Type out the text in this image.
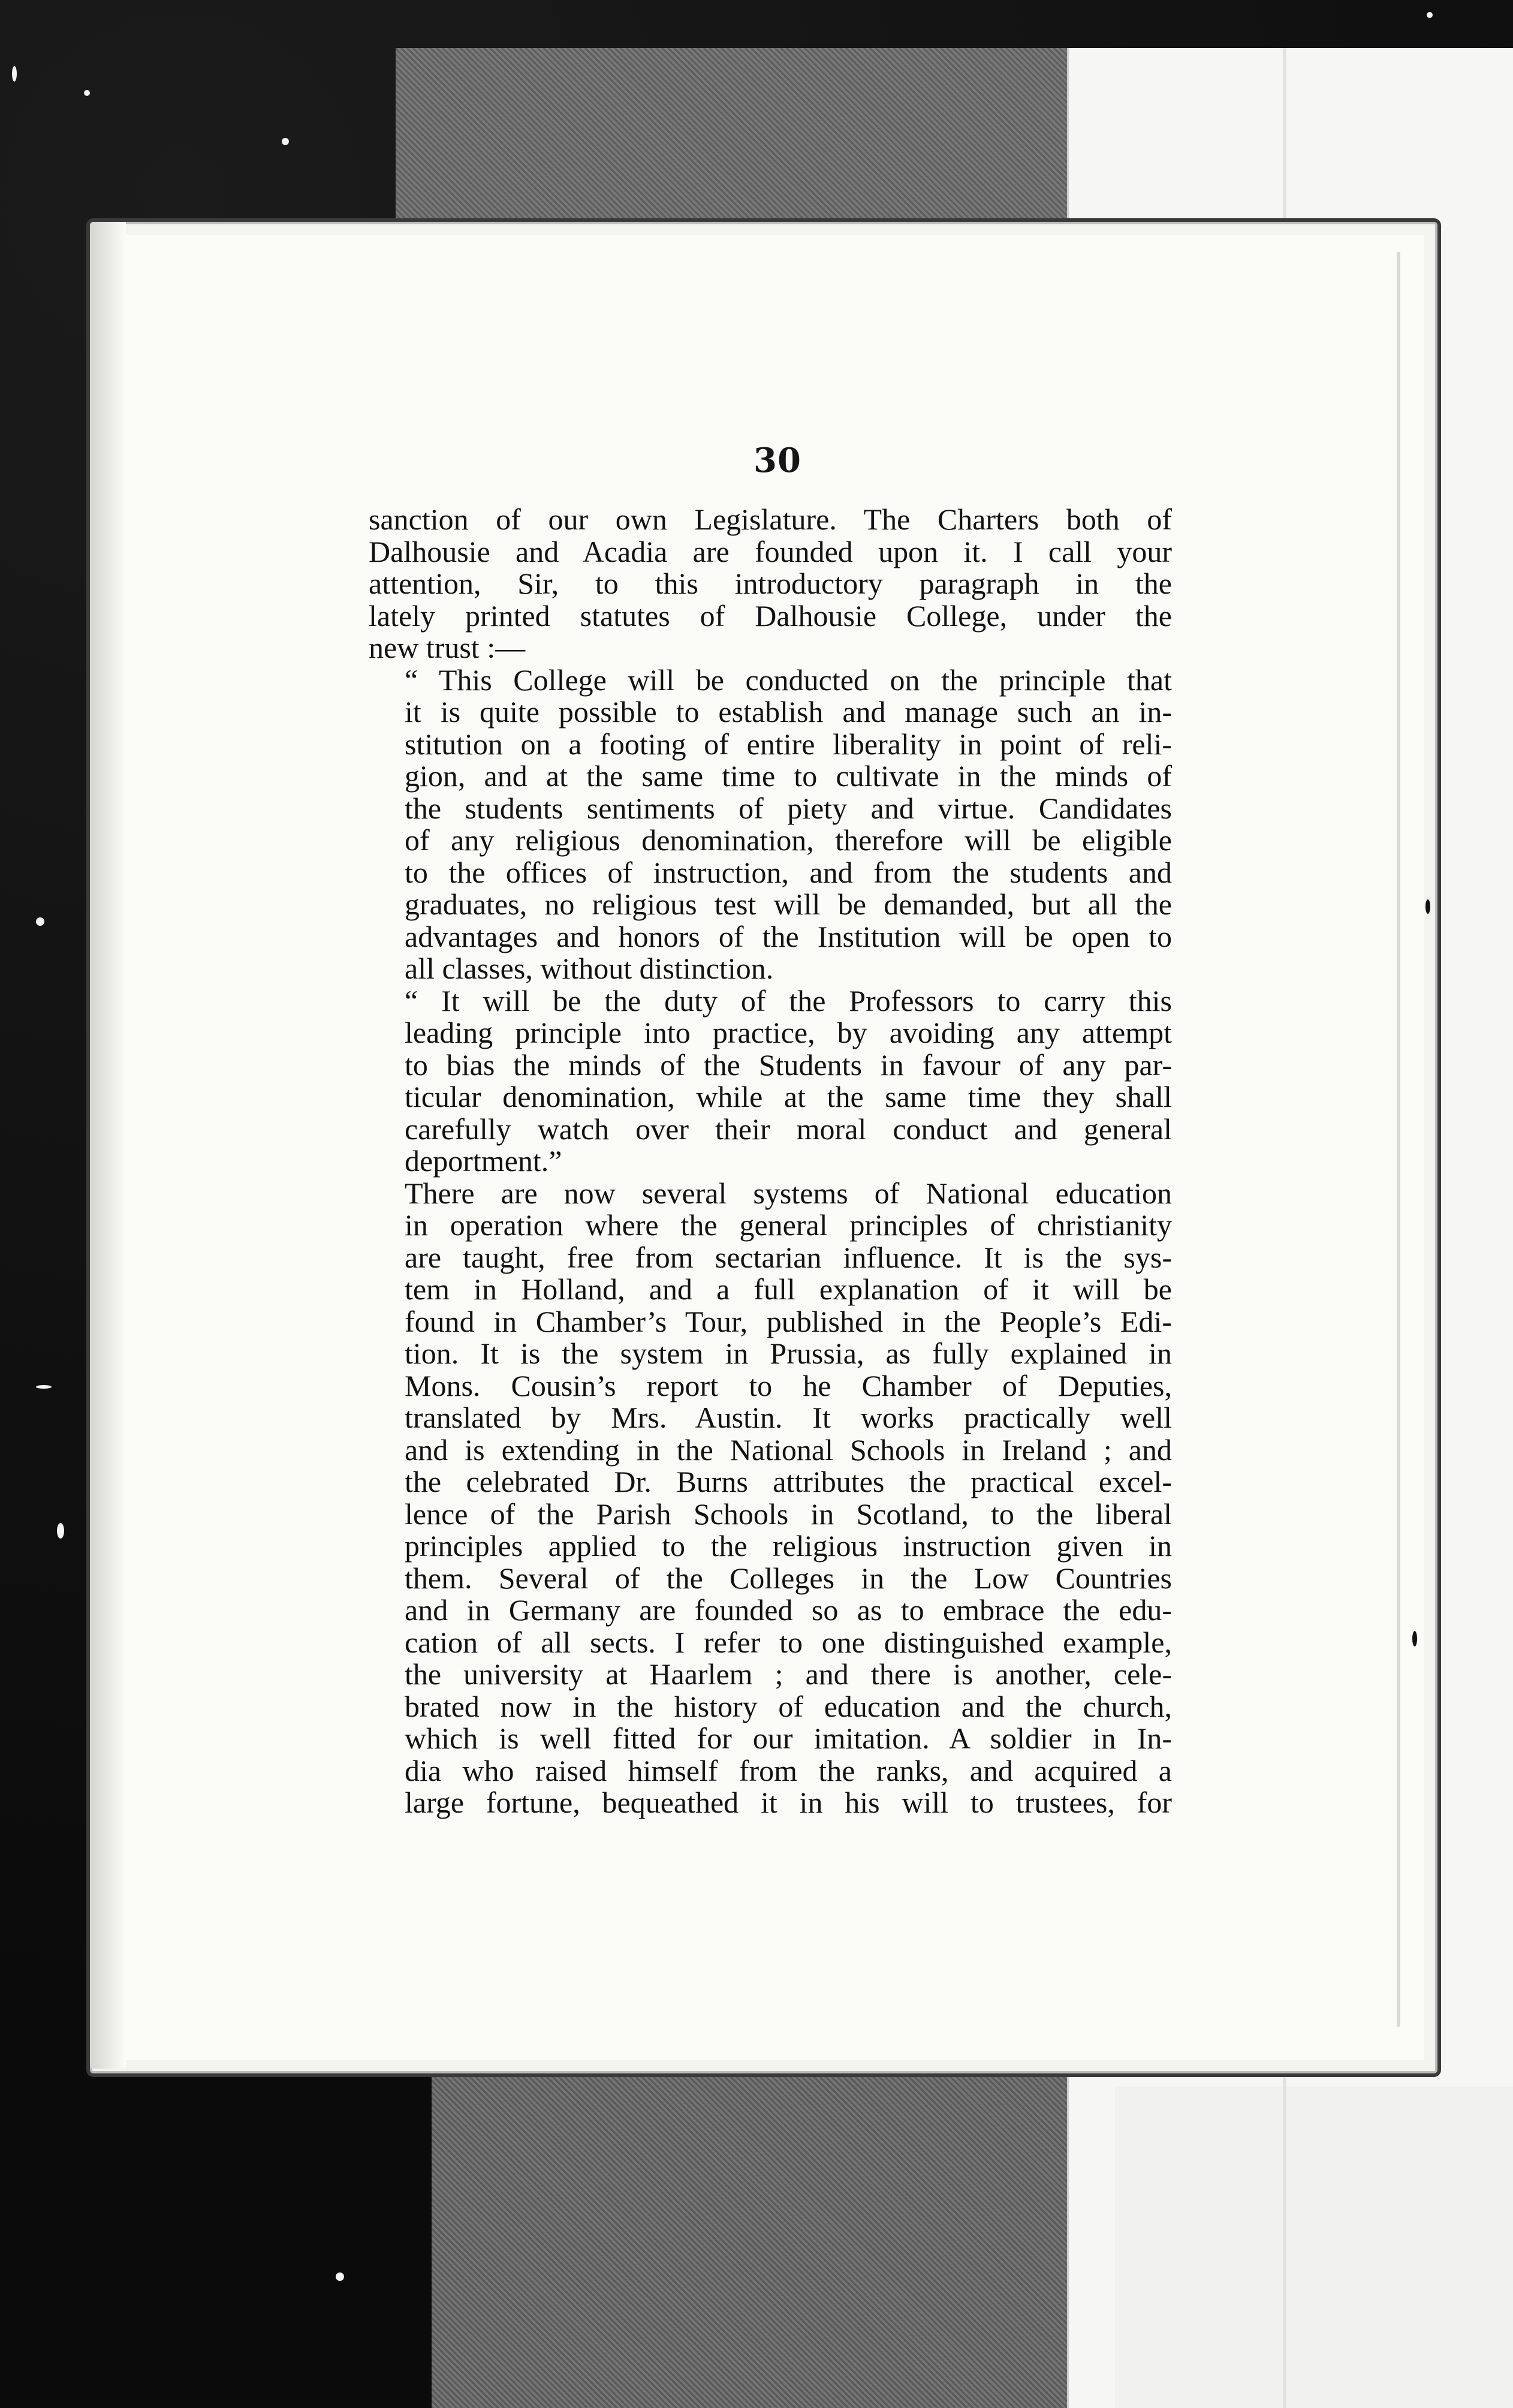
30

sanction of our own Legislature. The Charters both of
Dalhousie and Acadia are founded upon it. I call your
attention, Sir, to this introductory paragraph in the
lately printed statutes of Dalhousie College, under the
new trust :—

“ This College will be conducted on the principle that
it is quite possible to establish and manage such an in-
stitution on a footing of entire liberality in point of reli-
gion, and at the same time to cultivate in the minds of
the students sentiments of piety and virtue. Candidates
of any religious denomination, therefore will be eligible
to the offices of instruction, and from the students and
graduates, no religious test will be demanded, but all the
advantages and honors of the Institution will be open to
all classes, without distinction.

“ It will be the duty of the Professors to carry this
leading principle into practice, by avoiding any attempt
to bias the minds of the Students in favour of any par-
ticular denomination, while at the same time they shall
carefully watch over their moral conduct and general
deportment.”

There are now several systems of National education
in operation where the general principles of christianity
are taught, free from sectarian influence. It is the sys-
tem in Holland, and a full explanation of it will be
found in Chamber’s Tour, published in the People’s Edi-
tion. It is the system in Prussia, as fully explained in
Mons. Cousin’s report to he Chamber of Deputies,
translated by Mrs. Austin. It works practically well
and is extending in the National Schools in Ireland ; and
the celebrated Dr. Burns attributes the practical excel-
lence of the Parish Schools in Scotland, to the liberal
principles applied to the religious instruction given in
them. Several of the Colleges in the Low Countries
and in Germany are founded so as to embrace the edu-
cation of all sects. I refer to one distinguished example,
the university at Haarlem ; and there is another, cele-
brated now in the history of education and the church,
which is well fitted for our imitation. A soldier in In-
dia who raised himself from the ranks, and acquired a
large fortune, bequeathed it in his will to trustees, for
